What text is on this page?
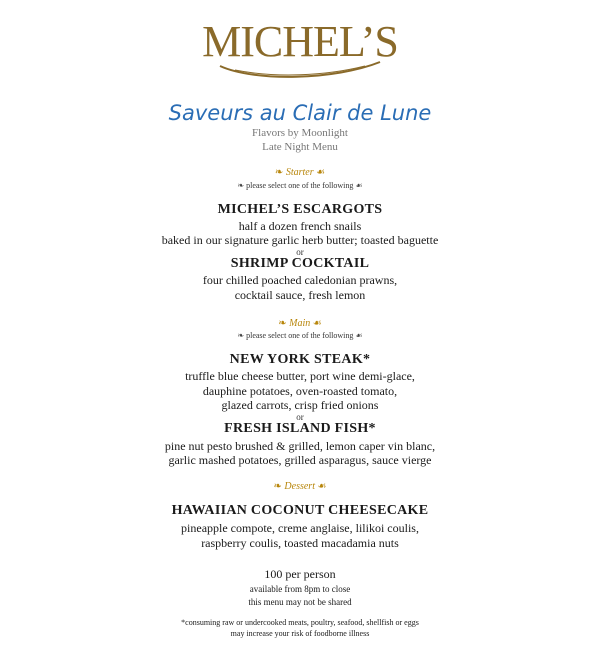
MICHEL’S
Saveurs au Clair de Lune
Flavors by Moonlight
Late Night Menu
❧ Starter ☙
❧ please select one of the following ☙
MICHEL’S ESCARGOTS
half a dozen french snails
baked in our signature garlic herb butter; toasted baguette
or
SHRIMP COCKTAIL
four chilled poached caledonian prawns,
cocktail sauce, fresh lemon
❧ Main ☙
❧ please select one of the following ☙
NEW YORK STEAK*
truffle blue cheese butter, port wine demi-glace,
dauphine potatoes, oven-roasted tomato,
glazed carrots, crisp fried onions
or
FRESH ISLAND FISH*
pine nut pesto brushed & grilled, lemon caper vin blanc,
garlic mashed potatoes, grilled asparagus, sauce vierge
❧ Dessert ☙
HAWAIIAN COCONUT CHEESECAKE
pineapple compote, creme anglaise, lilikoi coulis,
raspberry coulis, toasted macadamia nuts
100 per person
available from 8pm to close
this menu may not be shared
*consuming raw or undercooked meats, poultry, seafood, shellfish or eggs
may increase your risk of foodborne illness
